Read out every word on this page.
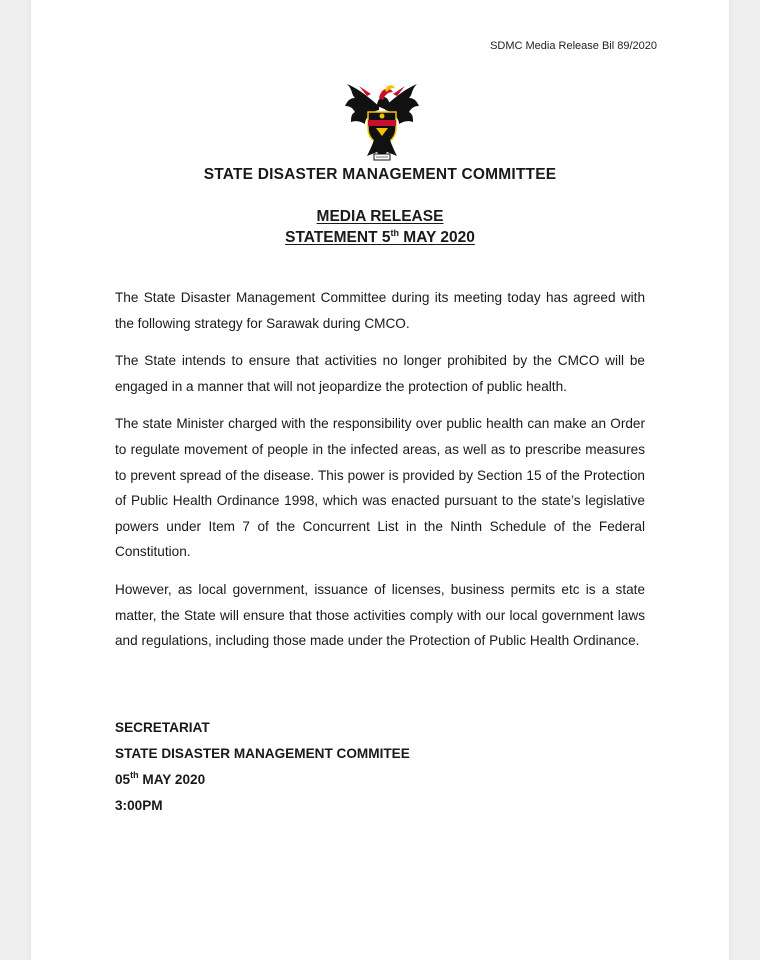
SDMC Media Release Bil 89/2020
STATE DISASTER MANAGEMENT COMMITTEE
MEDIA RELEASE
STATEMENT 5th MAY 2020

The State Disaster Management Committee during its meeting today has agreed with the following strategy for Sarawak during CMCO.

The State intends to ensure that activities no longer prohibited by the CMCO will be engaged in a manner that will not jeopardize the protection of public health.

The state Minister charged with the responsibility over public health can make an Order to regulate movement of people in the infected areas, as well as to prescribe measures to prevent spread of the disease. This power is provided by Section 15 of the Protection of Public Health Ordinance 1998, which was enacted pursuant to the state’s legislative powers under Item 7 of the Concurrent List in the Ninth Schedule of the Federal Constitution.

However, as local government, issuance of licenses, business permits etc is a state matter, the State will ensure that those activities comply with our local government laws and regulations, including those made under the Protection of Public Health Ordinance.

SECRETARIAT
STATE DISASTER MANAGEMENT COMMITEE
05th MAY 2020
3:00PM
